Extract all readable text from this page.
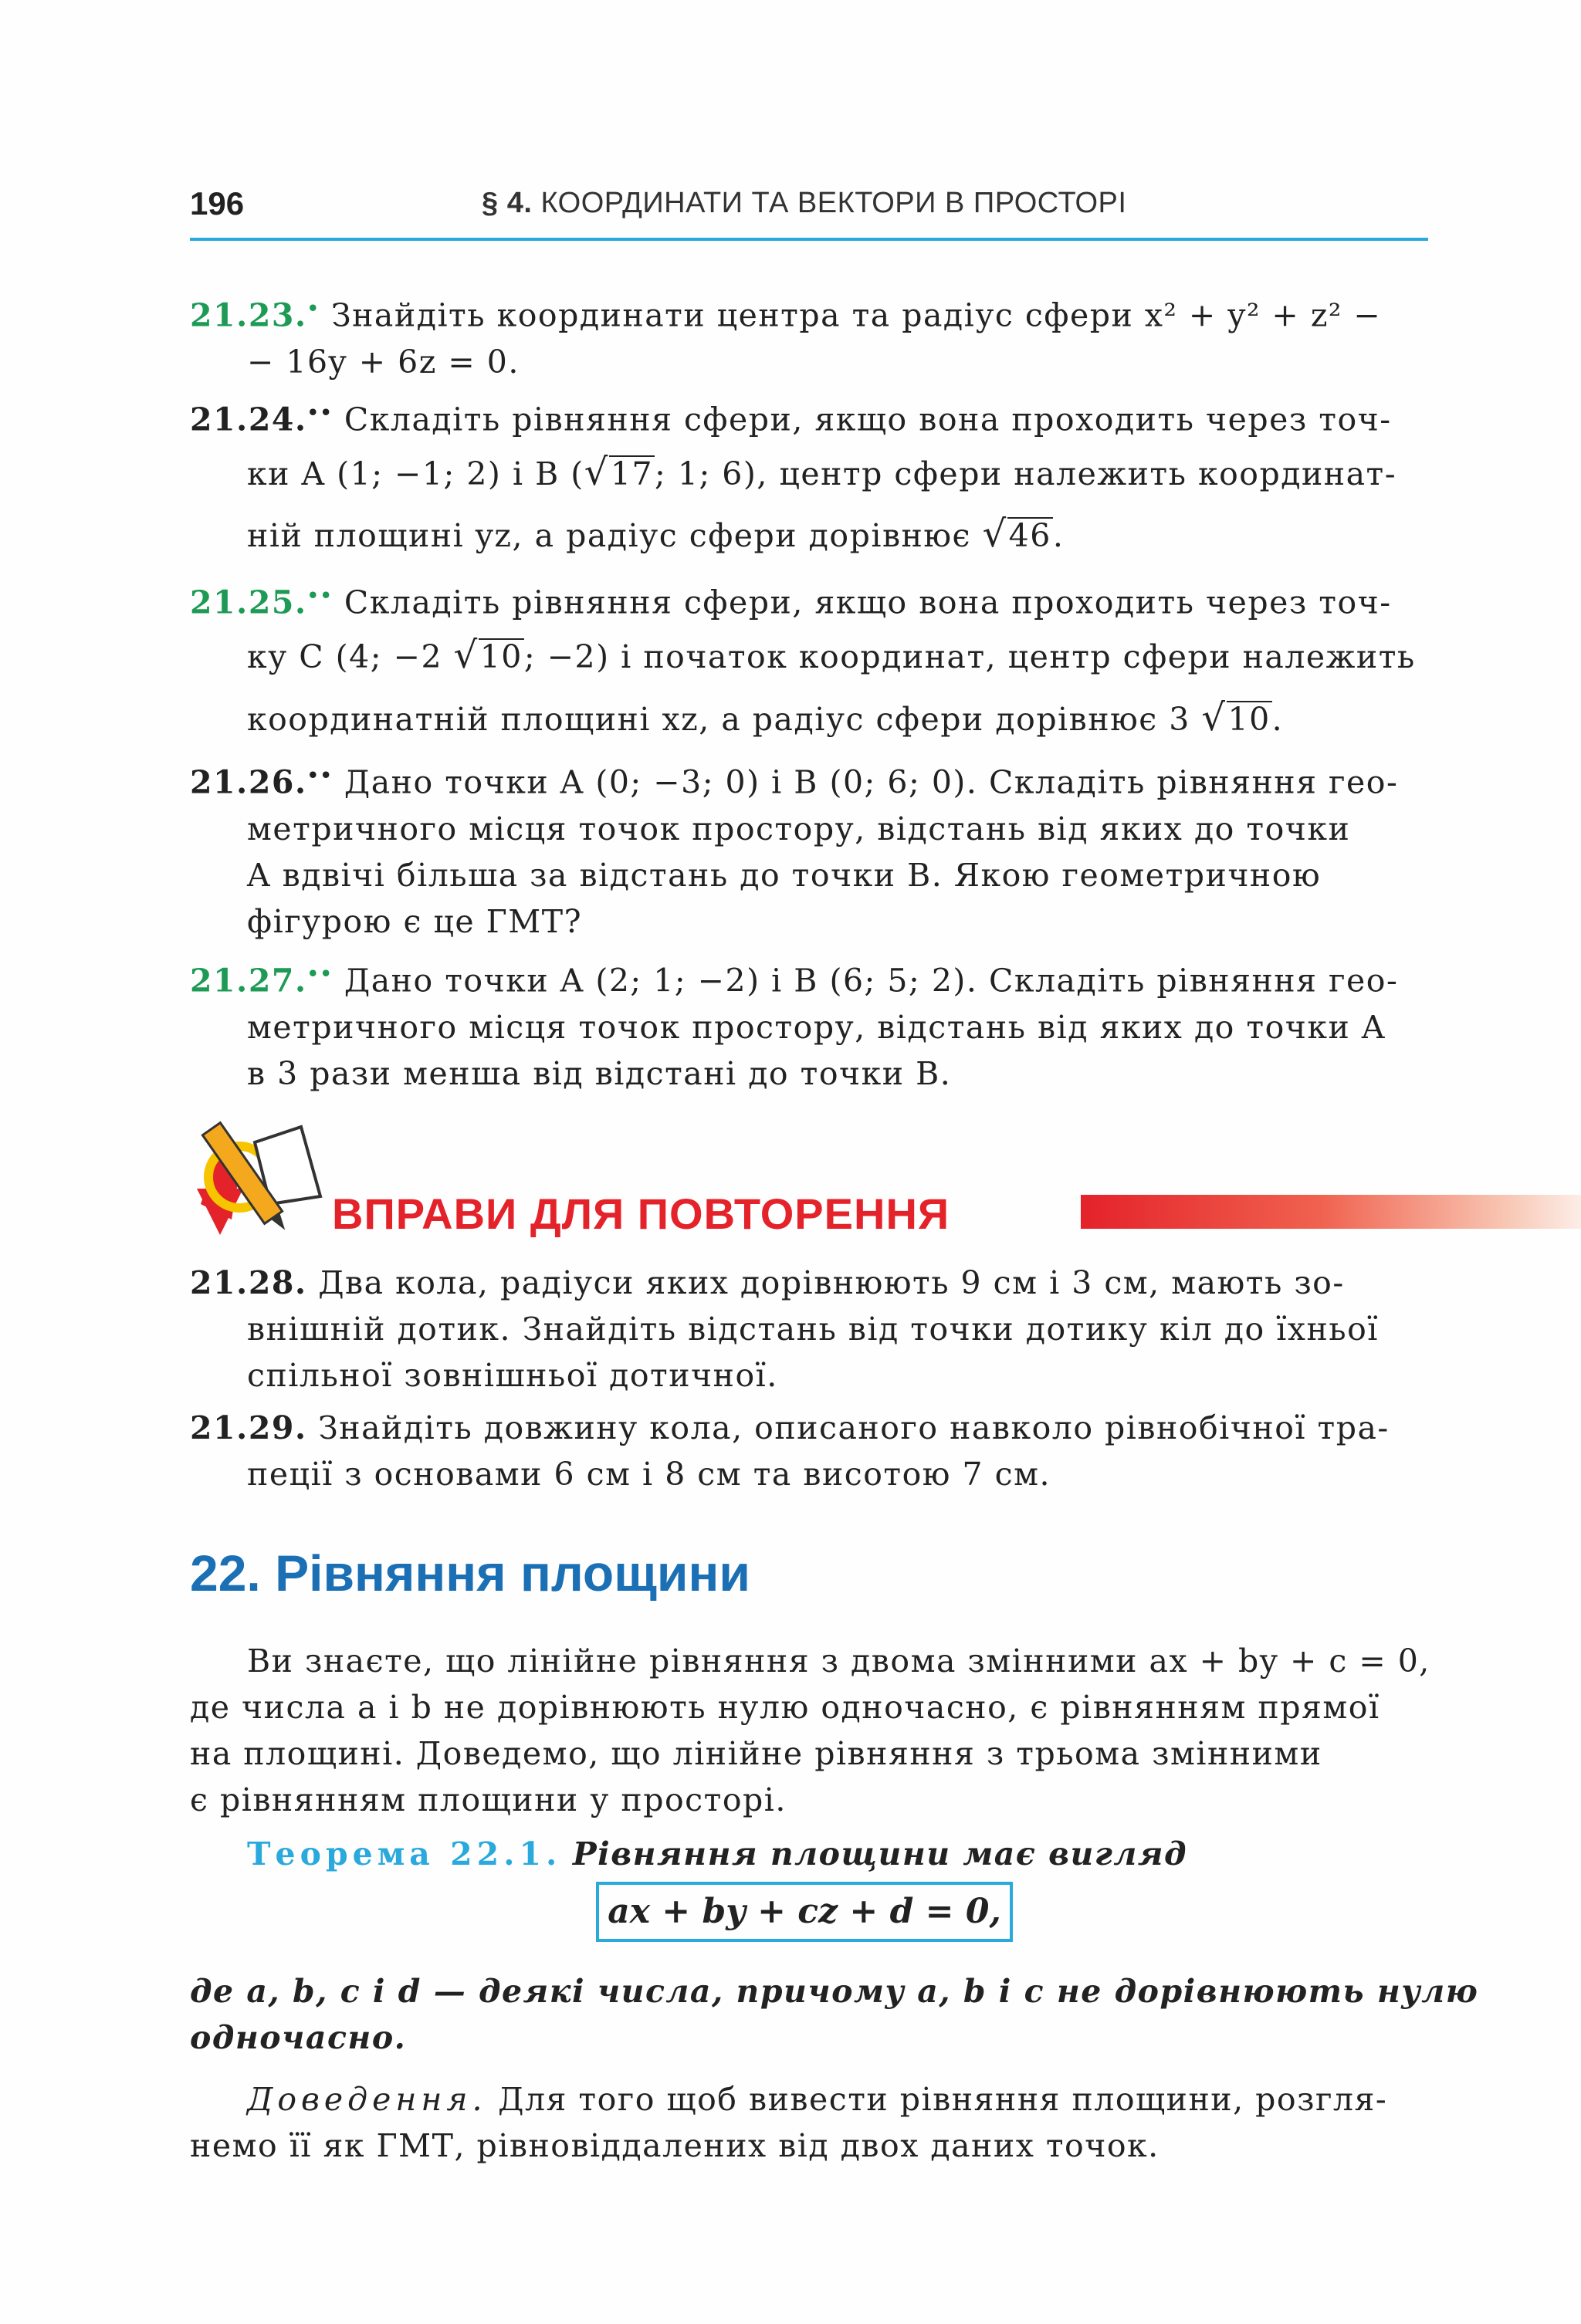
196	§ 4. КООРДИНАТИ ТА ВЕКТОРИ В ПРОСТОРІ
21.23.• Знайдіть координати центра та радіус сфери x² + y² + z² −
− 16y + 6z = 0.
21.24.•• Складіть рівняння сфери, якщо вона проходить через точ-
ки A (1; −1; 2) і B (√17; 1; 6), центр сфери належить координат-
ній площині yz, а радіус сфери дорівнює √46.
21.25.•• Складіть рівняння сфери, якщо вона проходить через точ-
ку C (4; −2 √10; −2) і початок координат, центр сфери належить
координатній площині xz, а радіус сфери дорівнює 3 √10.
21.26.•• Дано точки A (0; −3; 0) і B (0; 6; 0). Складіть рівняння гео-
метричного місця точок простору, відстань від яких до точки
A вдвічі більша за відстань до точки B. Якою геометричною
фігурою є це ГМТ?
21.27.•• Дано точки A (2; 1; −2) і B (6; 5; 2). Складіть рівняння гео-
метричного місця точок простору, відстань від яких до точки A
в 3 рази менша від відстані до точки B.
ВПРАВИ ДЛЯ ПОВТОРЕННЯ
21.28. Два кола, радіуси яких дорівнюють 9 см і 3 см, мають зо-
внішній дотик. Знайдіть відстань від точки дотику кіл до їхньої
спільної зовнішньої дотичної.
21.29. Знайдіть довжину кола, описаного навколо рівнобічної тра-
пеції з основами 6 см і 8 см та висотою 7 см.
22. Рівняння площини
Ви знаєте, що лінійне рівняння з двома змінними ax + by + c = 0,
де числа a і b не дорівнюють нулю одночасно, є рівнянням прямої
на площині. Доведемо, що лінійне рівняння з трьома змінними
є рівнянням площини у просторі.
Теорема 22.1. Рівняння площини має вигляд
ax + by + cz + d = 0,
де a, b, c і d — деякі числа, причому a, b і c не дорівнюють нулю
одночасно.
Доведення. Для того щоб вивести рівняння площини, розгля-
немо її як ГМТ, рівновіддалених від двох даних точок.
